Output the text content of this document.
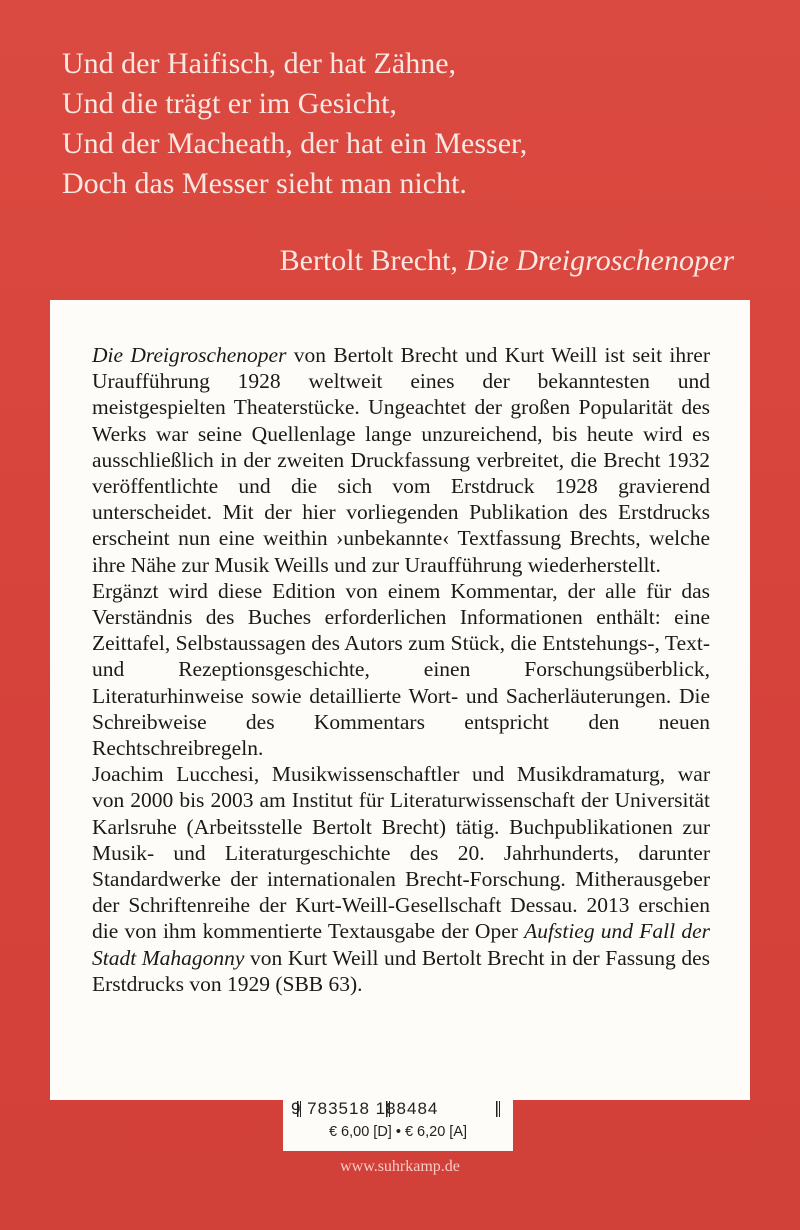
Und der Haifisch, der hat Zähne,
Und die trägt er im Gesicht,
Und der Macheath, der hat ein Messer,
Doch das Messer sieht man nicht.
Bertolt Brecht, Die Dreigroschenoper

Die Dreigroschenoper von Bertolt Brecht und Kurt Weill ist seit ihrer Uraufführung 1928 weltweit eines der bekanntesten und meistgespielten Theaterstücke. Ungeachtet der großen Popularität des Werks war seine Quellenlage lange unzureichend, bis heute wird es ausschließlich in der zweiten Druckfassung verbreitet, die Brecht 1932 veröffentlichte und die sich vom Erstdruck 1928 gravierend unterscheidet. Mit der hier vorliegenden Publikation des Erstdrucks erscheint nun eine weithin ›unbekannte‹ Textfassung Brechts, welche ihre Nähe zur Musik Weills und zur Uraufführung wiederherstellt.

Ergänzt wird diese Edition von einem Kommentar, der alle für das Verständnis des Buches erforderlichen Informationen enthält: eine Zeittafel, Selbstaussagen des Autors zum Stück, die Entstehungs-, Text- und Rezeptionsgeschichte, einen Forschungsüberblick, Literaturhinweise sowie detaillierte Wort- und Sacherläuterungen. Die Schreibweise des Kommentars entspricht den neuen Rechtschreibregeln.

Joachim Lucchesi, Musikwissenschaftler und Musikdramaturg, war von 2000 bis 2003 am Institut für Literaturwissenschaft der Universität Karlsruhe (Arbeitsstelle Bertolt Brecht) tätig. Buchpublikationen zur Musik- und Literaturgeschichte des 20. Jahrhunderts, darunter Standardwerke der internationalen Brecht-Forschung. Mitherausgeber der Schriftenreihe der Kurt-Weill-Gesellschaft Dessau. 2013 erschien die von ihm kommentierte Textausgabe der Oper Aufstieg und Fall der Stadt Mahagonny von Kurt Weill und Bertolt Brecht in der Fassung des Erstdrucks von 1929 (SBB 63).

9 783518 188484
€ 6,00 [D] • € 6,20 [A]
www.suhrkamp.de
